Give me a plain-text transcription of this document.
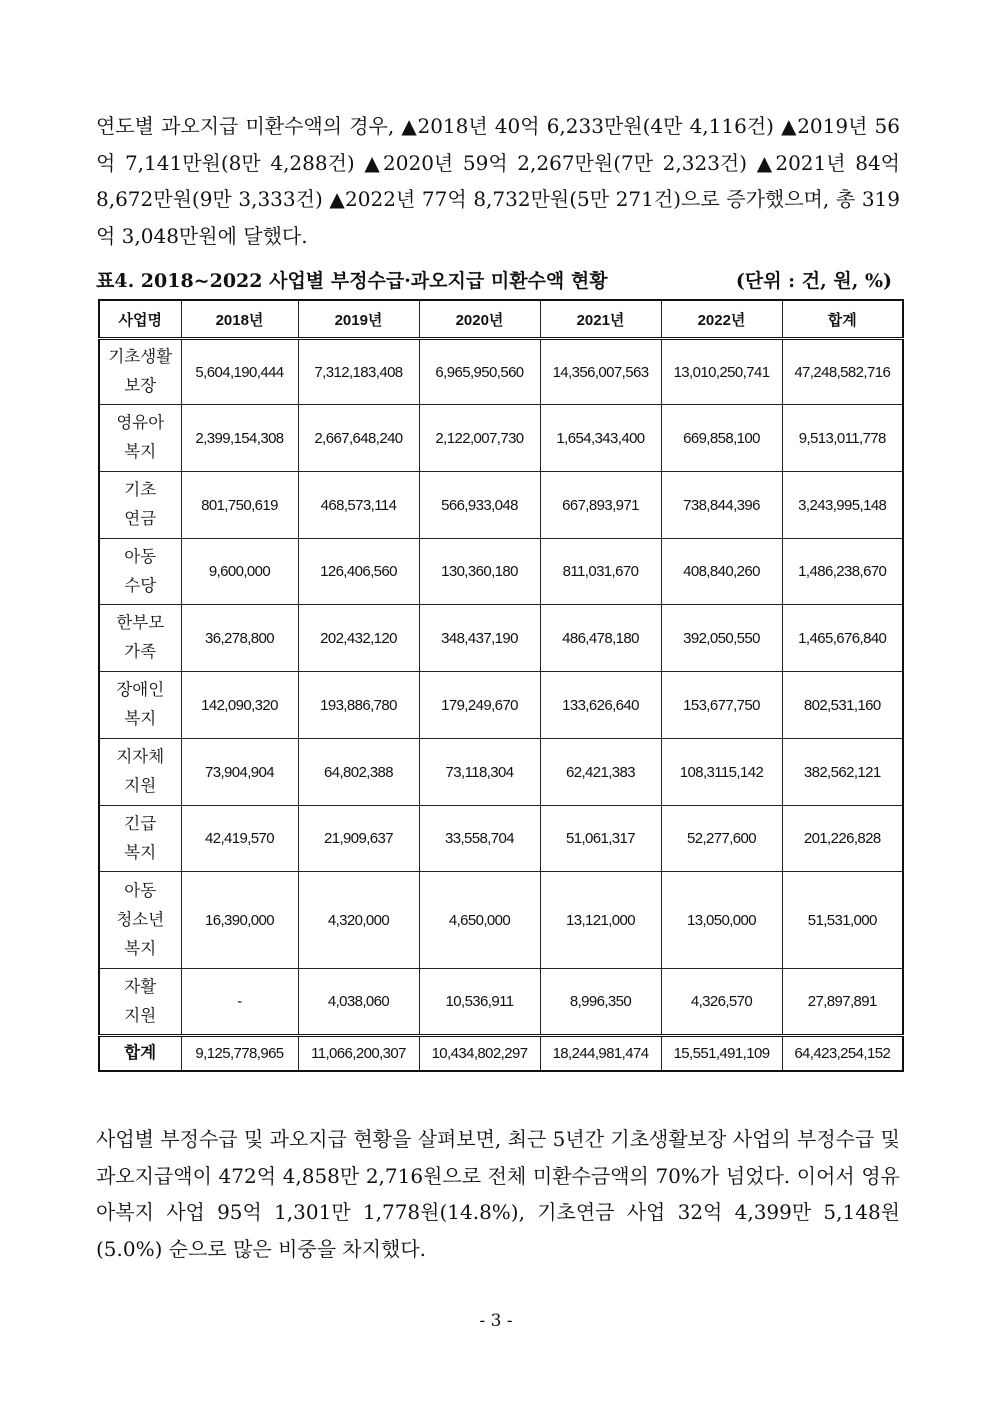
연도별 과오지급 미환수액의 경우, ▲2018년 40억 6,233만원(4만 4,116건) ▲2019년 56억 7,141만원(8만 4,288건) ▲2020년 59억 2,267만원(7만 2,323건) ▲2021년 84억 8,672만원(9만 3,333건) ▲2022년 77억 8,732만원(5만 271건)으로 증가했으며, 총 319억 3,048만원에 달했다.

표4. 2018~2022 사업별 부정수급·과오지급 미환수액 현황	(단위 : 건, 원, %)
사업명	2018년	2019년	2020년	2021년	2022년	합계

기초생활
보장	5,604,190,444	7,312,183,408	6,965,950,560	14,356,007,563	13,010,250,741	47,248,582,716

영유아
복지	2,399,154,308	2,667,648,240	2,122,007,730	1,654,343,400	669,858,100	9,513,011,778

기초
연금	801,750,619	468,573,114	566,933,048	667,893,971	738,844,396	3,243,995,148

아동
수당	9,600,000	126,406,560	130,360,180	811,031,670	408,840,260	1,486,238,670

한부모
가족	36,278,800	202,432,120	348,437,190	486,478,180	392,050,550	1,465,676,840

장애인
복지	142,090,320	193,886,780	179,249,670	133,626,640	153,677,750	802,531,160

지자체
지원	73,904,904	64,802,388	73,118,304	62,421,383	108,3115,142	382,562,121

긴급
복지	42,419,570	21,909,637	33,558,704	51,061,317	52,277,600	201,226,828

아동
청소년
복지	16,390,000	4,320,000	4,650,000	13,121,000	13,050,000	51,531,000

자활
지원	-	4,038,060	10,536,911	8,996,350	4,326,570	27,897,891
합계	9,125,778,965	11,066,200,307	10,434,802,297	18,244,981,474	15,551,491,109	64,423,254,152

사업별 부정수급 및 과오지급 현황을 살펴보면, 최근 5년간 기초생활보장 사업의 부정수급 및 과오지급액이 472억 4,858만 2,716원으로 전체 미환수금액의 70%가 넘었다. 이어서 영유아복지 사업 95억 1,301만 1,778원(14.8%), 기초연금 사업 32억 4,399만 5,148원(5.0%) 순으로 많은 비중을 차지했다.

- 3 -
